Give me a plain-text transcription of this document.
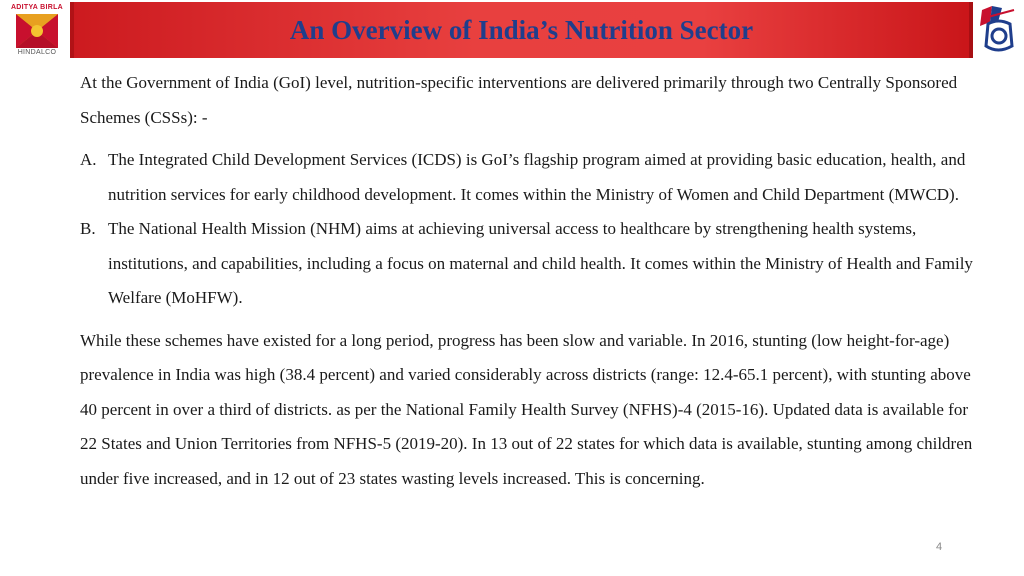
An Overview of India’s Nutrition Sector
ADITYA BIRLA
HINDALCO

At the Government of India (GoI) level, nutrition-specific interventions are delivered primarily through two Centrally Sponsored Schemes (CSSs): -

A. The Integrated Child Development Services (ICDS) is GoI’s flagship program aimed at providing basic education, health, and nutrition services for early childhood development. It comes within the Ministry of Women and Child Department (MWCD).
B. The National Health Mission (NHM) aims at achieving universal access to healthcare by strengthening health systems, institutions, and capabilities, including a focus on maternal and child health. It comes within the Ministry of Health and Family Welfare (MoHFW).

While these schemes have existed for a long period, progress has been slow and variable. In 2016, stunting (low height-for-age) prevalence in India was high (38.4 percent) and varied considerably across districts (range: 12.4-65.1 percent), with stunting above 40 percent in over a third of districts. as per the National Family Health Survey (NFHS)-4 (2015-16). Updated data is available for 22 States and Union Territories from NFHS-5 (2019-20). In 13 out of 22 states for which data is available, stunting among children under five increased, and in 12 out of 23 states wasting levels increased. This is concerning.

4
